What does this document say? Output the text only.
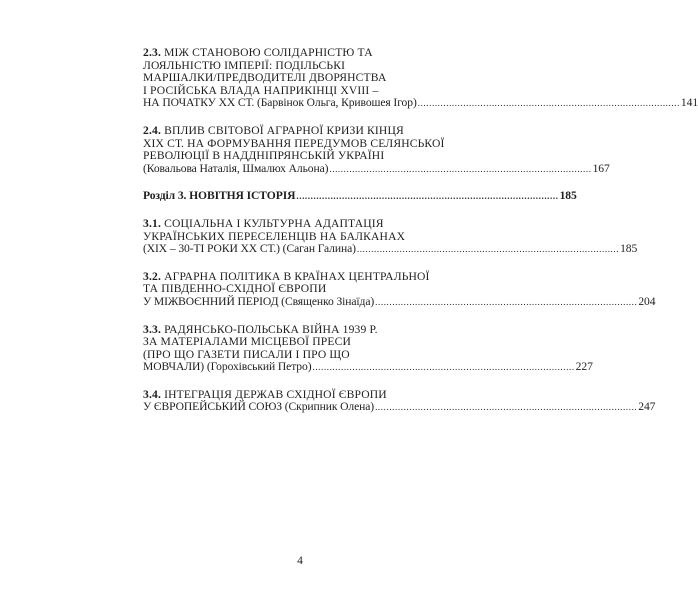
2.3. МІЖ СТАНОВОЮ СОЛІДАРНІСТЮ ТА
ЛОЯЛЬНІСТЮ ІМПЕРІЇ: ПОДІЛЬСЬКІ
МАРШАЛКИ/ПРЕДВОДИТЕЛІ ДВОРЯНСТВА
І РОСІЙСЬКА ВЛАДА НАПРИКІНЦІ XVIII –
НА ПОЧАТКУ ХХ СТ. (Барвінок Ольга, Кривошея Ігор) ............................................................................................ 141
2.4. ВПЛИВ СВІТОВОЇ АГРАРНОЇ КРИЗИ КІНЦЯ
XIX СТ. НА ФОРМУВАННЯ ПЕРЕДУМОВ СЕЛЯНСЬКОЇ
РЕВОЛЮЦІЇ В НАДДНІПРЯНСЬКІЙ УКРАЇНІ
(Ковальова Наталія, Шмалюх Альона) ............................................................................................ 167
Розділ 3. НОВІТНЯ ІСТОРІЯ ............................................................................................ 185
3.1. СОЦІАЛЬНА І КУЛЬТУРНА АДАПТАЦІЯ
УКРАЇНСЬКИХ ПЕРЕСЕЛЕНЦІВ НА БАЛКАНАХ
(XIX – 30-ТІ РОКИ XX СТ.) (Саган Галина) ............................................................................................ 185
3.2. АГРАРНА ПОЛІТИКА В КРАЇНАХ ЦЕНТРАЛЬНОЇ
ТА ПІВДЕННО-СХІДНОЇ ЄВРОПИ
У МІЖВОЄННИЙ ПЕРІОД (Священко Зінаїда) ............................................................................................ 204
3.3. РАДЯНСЬКО-ПОЛЬСЬКА ВІЙНА 1939 Р.
ЗА МАТЕРІАЛАМИ МІСЦЕВОЇ ПРЕСИ
(ПРО ЩО ГАЗЕТИ ПИСАЛИ І ПРО ЩО
МОВЧАЛИ) (Горохівський Петро) ............................................................................................ 227
3.4. ІНТЕГРАЦІЯ ДЕРЖАВ СХІДНОЇ ЄВРОПИ
У ЄВРОПЕЙСЬКИЙ СОЮЗ (Скрипник Олена) ............................................................................................ 247
4
